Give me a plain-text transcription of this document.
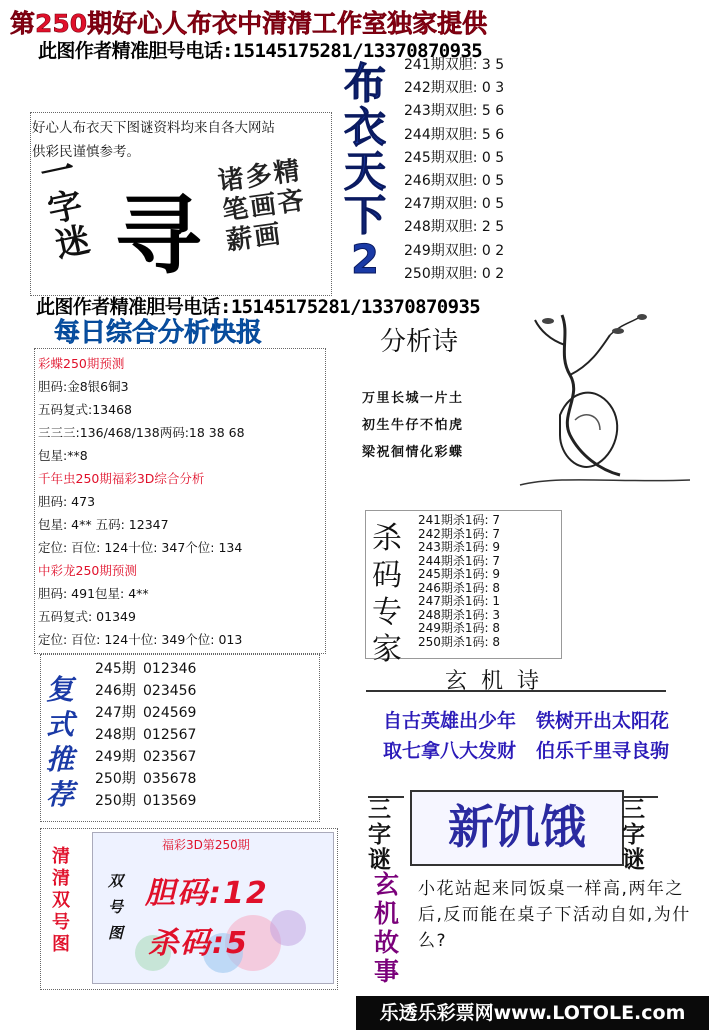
第250期好心人布衣中清清工作室独家提供
此图作者精准胆号电话:15145175281/13370870935
241期双胆: 3 5
242期双胆: 0 3
243期双胆: 5 6
244期双胆: 5 6
245期双胆: 0 5
246期双胆: 0 5
247期双胆: 0 5
248期双胆: 2 5
249期双胆: 0 2
250期双胆: 0 2
布
衣
天
下
2
好心人布衣天下图谜资料均来自各大网站
供彩民谨慎参考。
一字迷 寻
诸多精笔画吝薪画
此图作者精准胆号电话:15145175281/13370870935
每日综合分析快报
彩蝶250期预测
胆码:金8银6铜3
五码复式:13468
三三三:136/468/138两码:18 38 68
包星:**8
千年虫250期福彩3D综合分析
胆码: 473
包星: 4** 五码: 12347
定位: 百位: 124十位: 347个位: 134
中彩龙250期预测
胆码: 491包星: 4**
五码复式: 01349
定位: 百位: 124十位: 349个位: 013
分析诗
万里长城一片土
初生牛仔不怕虎
梁祝徊情化彩蝶
杀码专家
241期杀1码: 7
242期杀1码: 7
243期杀1码: 9
244期杀1码: 7
245期杀1码: 9
246期杀1码: 8
247期杀1码: 1
248期杀1码: 3
249期杀1码: 8
250期杀1码: 8
复式推荐
245期 012346
246期 023456
247期 024569
248期 012567
249期 023567
250期 035678
250期 013569
玄机诗
自古英雄出少年 铁树开出太阳花
取七拿八大发财 伯乐千里寻良驹
三字谜
新饥饿	三字谜
玄机故事
小花站起来同饭桌一样高,两年之后,反而能在桌子下活动自如,为什么?
清清双号图
福彩3D第250期
双号图
胆码:12
杀码:5
乐透乐彩票网www.LOTOLE.com
